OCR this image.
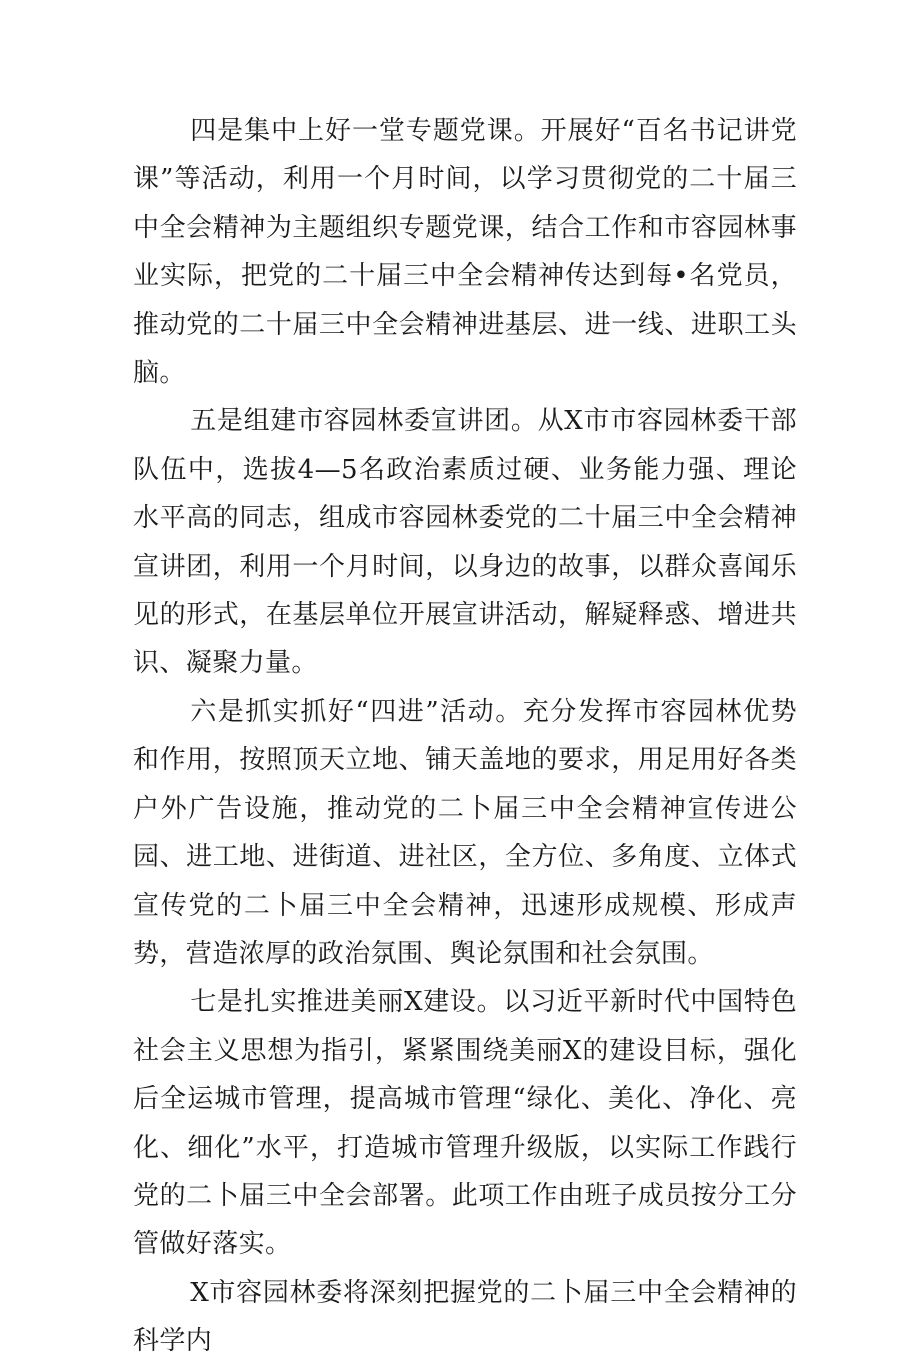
四是集中上好一堂专题党课。开展好“百名书记讲党课”等活动，利用一个月时间，以学习贯彻党的二十届三中全会精神为主题组织专题党课，结合工作和市容园林事业实际，把党的二十届三中全会精神传达到每•名党员，推动党的二十届三中全会精神进基层、进一线、进职工头脑。

五是组建市容园林委宣讲团。从X市市容园林委干部队伍中，选拔4—5名政治素质过硬、业务能力强、理论水平高的同志，组成市容园林委党的二十届三中全会精神宣讲团，利用一个月时间，以身边的故事，以群众喜闻乐见的形式，在基层单位开展宣讲活动，解疑释惑、增进共识、凝聚力量。

六是抓实抓好“四进”活动。充分发挥市容园林优势和作用，按照顶天立地、铺天盖地的要求，用足用好各类户外广告设施，推动党的二卜届三中全会精神宣传进公园、进工地、进街道、进社区，全方位、多角度、立体式宣传党的二卜届三中全会精神，迅速形成规模、形成声势，营造浓厚的政治氛围、舆论氛围和社会氛围。

七是扎实推进美丽X建设。以习近平新时代中国特色社会主义思想为指引，紧紧围绕美丽X的建设目标，强化后全运城市管理，提高城市管理“绿化、美化、净化、亮化、细化”水平，打造城市管理升级版，以实际工作践行党的二卜届三中全会部署。此项工作由班子成员按分工分管做好落实。

X市容园林委将深刻把握党的二卜届三中全会精神的科学内
